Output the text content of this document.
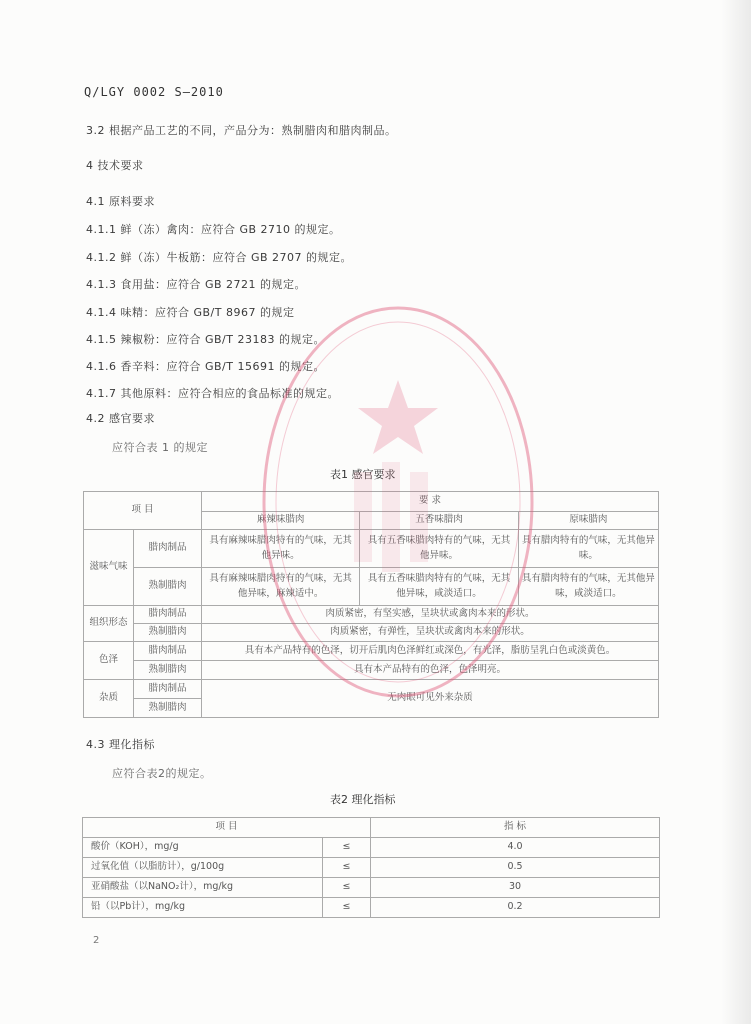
Q/LGY 0002 S—2010
3.2 根据产品工艺的不同，产品分为：熟制腊肉和腊肉制品。
4 技术要求
4.1 原料要求
4.1.1 鲜（冻）禽肉：应符合 GB 2710 的规定。
4.1.2 鲜（冻）牛板筋：应符合 GB 2707 的规定。
4.1.3 食用盐：应符合 GB 2721 的规定。
4.1.4 味精：应符合 GB/T 8967 的规定
4.1.5 辣椒粉：应符合 GB/T 23183 的规定。
4.1.6 香辛料：应符合 GB/T 15691 的规定。
4.1.7 其他原料：应符合相应的食品标准的规定。
4.2 感官要求
应符合表 1 的规定
表1 感官要求
项 目		要 求		
		麻辣味腊肉	五香味腊肉	原味腊肉
滋味气味	腊肉制品	具有麻辣味腊肉特有的气味，无其他异味。	具有五香味腊肉特有的气味，无其他异味。	具有腊肉特有的气味，无其他异味。
	熟制腊肉	具有麻辣味腊肉特有的气味，无其他异味，麻辣适中。	具有五香味腊肉特有的气味，无其他异味，咸淡适口。	具有腊肉特有的气味，无其他异味，咸淡适口。
组织形态	腊肉制品	肉质紧密，有坚实感，呈块状或禽肉本来的形状。		
	熟制腊肉	肉质紧密，有弹性，呈块状或禽肉本来的形状。		
色泽	腊肉制品	具有本产品特有的色泽，切开后肌肉色泽鲜红或深色，有光泽，脂肪呈乳白色或淡黄色。		
	熟制腊肉	具有本产品特有的色泽，色泽明亮。		
杂质	腊肉制品	无肉眼可见外来杂质		
	熟制腊肉			
4.3 理化指标
应符合表2的规定。
表2 理化指标
项 目		指 标
酸价（KOH），mg/g	≤	4.0
过氧化值（以脂肪计），g/100g	≤	0.5
亚硝酸盐（以NaNO₂计），mg/kg	≤	30
铅（以Pb计），mg/kg	≤	0.2
2
